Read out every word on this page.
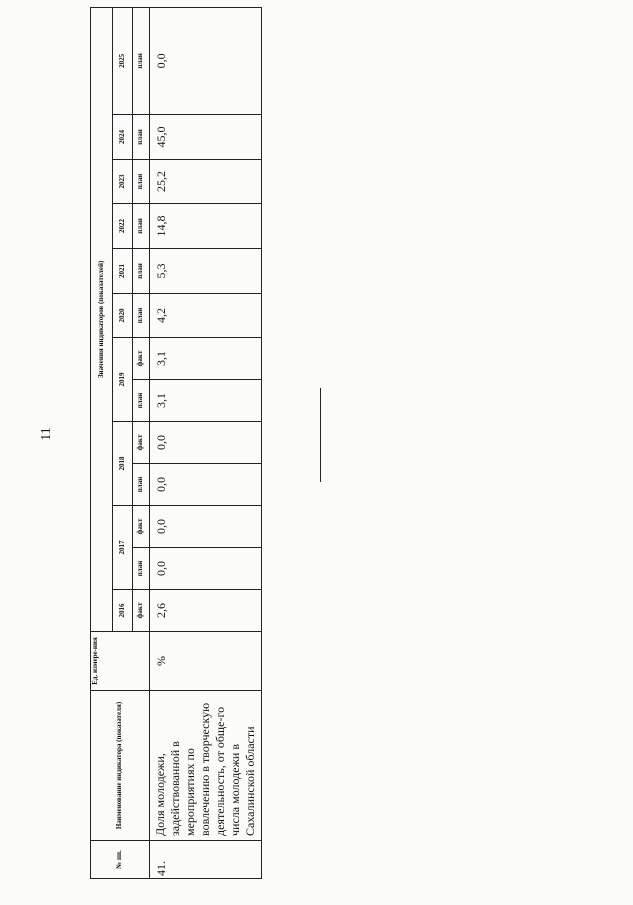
11
№ пп.	Наименование индикатора (показателя)	Ед. измере-ния	Значения индикаторов (показателей)												
			2016	2017		2018		2019		2020	2021	2022	2023	2024	2025
			факт	план	факт	план	факт	план	факт	план	план	план	план	план	план
41.	Доля молодежи, задействованной в мероприятиях по вовлечению в творческую деятельность, от обще-го числа молодежи в Сахалинской области	%	2,6	0,0	0,0	0,0	0,0	3,1	3,1	4,2	5,3	14,8	25,2	45,0	0,0
